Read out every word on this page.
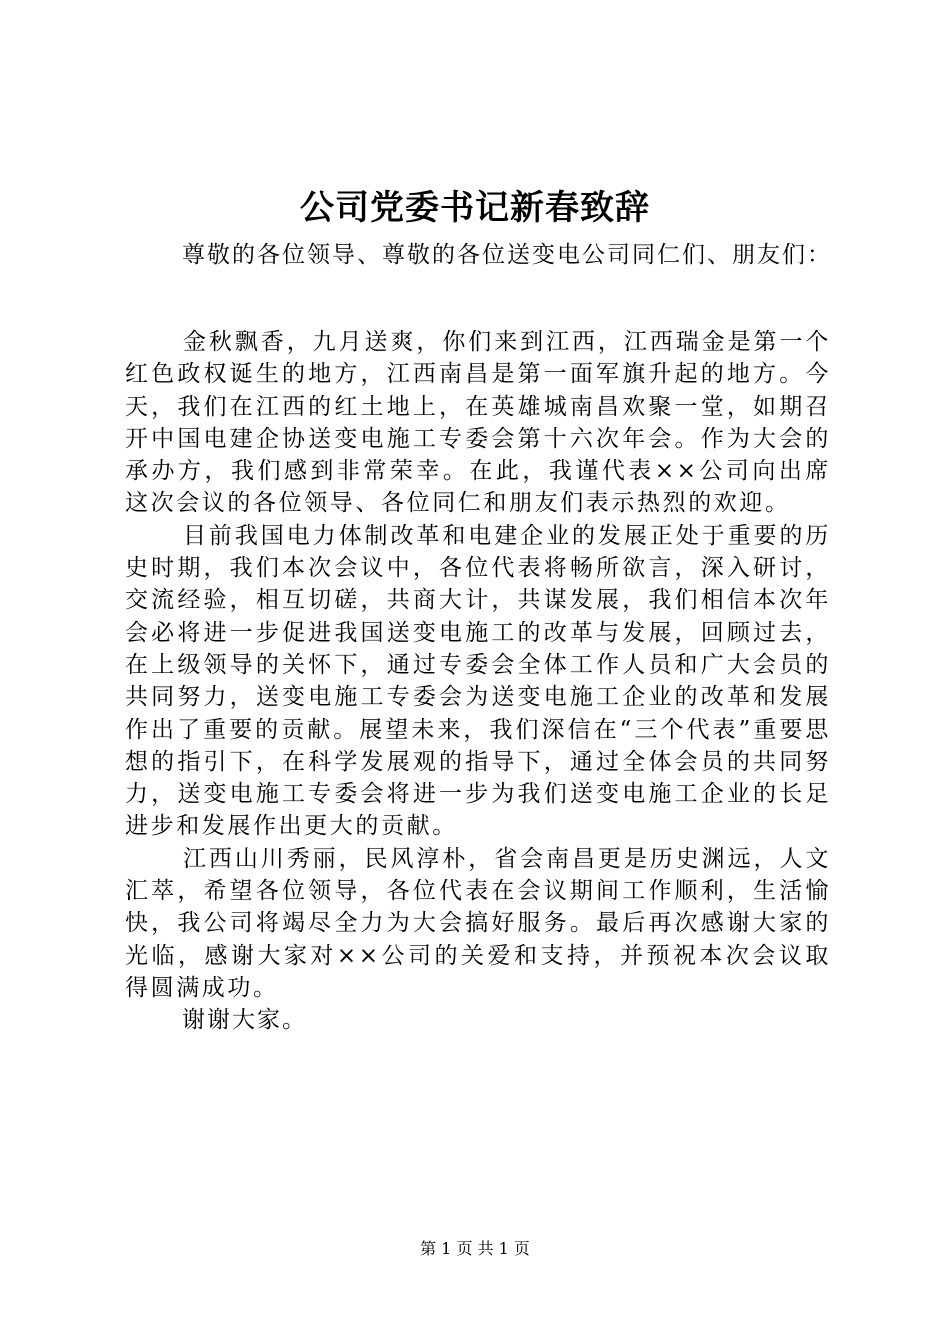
公司党委书记新春致辞

尊敬的各位领导、尊敬的各位送变电公司同仁们、朋友们：

金秋飘香，九月送爽，你们来到江西，江西瑞金是第一个红色政权诞生的地方，江西南昌是第一面军旗升起的地方。今天，我们在江西的红土地上，在英雄城南昌欢聚一堂，如期召开中国电建企协送变电施工专委会第十六次年会。作为大会的承办方，我们感到非常荣幸。在此，我谨代表××公司向出席这次会议的各位领导、各位同仁和朋友们表示热烈的欢迎。

目前我国电力体制改革和电建企业的发展正处于重要的历史时期，我们本次会议中，各位代表将畅所欲言，深入研讨，交流经验，相互切磋，共商大计，共谋发展，我们相信本次年会必将进一步促进我国送变电施工的改革与发展，回顾过去，在上级领导的关怀下，通过专委会全体工作人员和广大会员的共同努力，送变电施工专委会为送变电施工企业的改革和发展作出了重要的贡献。展望未来，我们深信在“三个代表”重要思想的指引下，在科学发展观的指导下，通过全体会员的共同努力，送变电施工专委会将进一步为我们送变电施工企业的长足进步和发展作出更大的贡献。

江西山川秀丽，民风淳朴，省会南昌更是历史渊远，人文汇萃，希望各位领导，各位代表在会议期间工作顺利，生活愉快，我公司将竭尽全力为大会搞好服务。最后再次感谢大家的光临，感谢大家对××公司的关爱和支持，并预祝本次会议取得圆满成功。

谢谢大家。

第 1 页 共 1 页
